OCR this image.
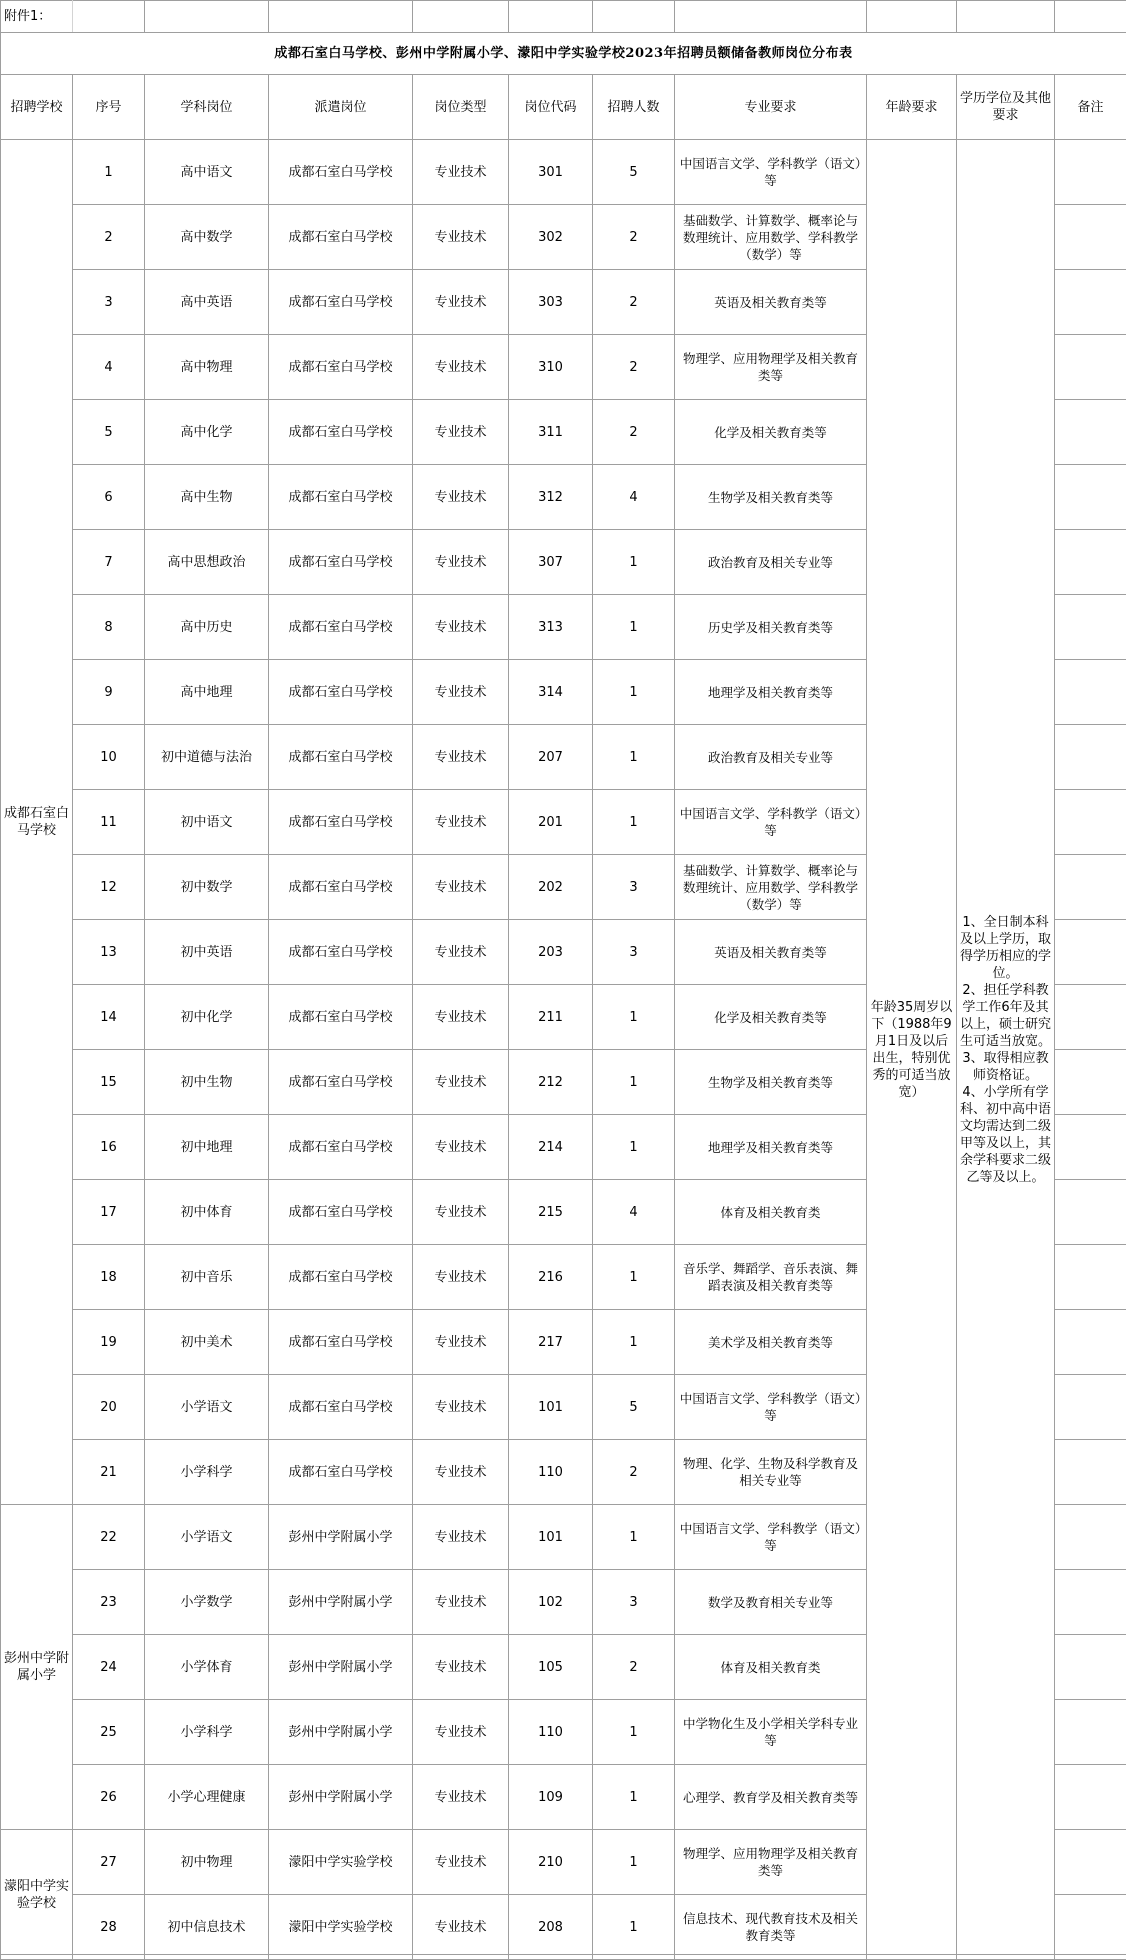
附件1：										
成都石室白马学校、彭州中学附属小学、濛阳中学实验学校2023年招聘员额储备教师岗位分布表										
招聘学校	序号	学科岗位	派遣岗位	岗位类型	岗位代码	招聘人数	专业要求	年龄要求	学历学位及其他要求	备注
成都石室白马学校	1	高中语文	成都石室白马学校	专业技术	301	5	中国语言文学、学科教学（语文）等	年龄35周岁以下（1988年9月1日及以后出生，特别优秀的可适当放宽）	1、全日制本科及以上学历，取得学历相应的学位。
2、担任学科教学工作6年及其以上，硕士研究生可适当放宽。
3、取得相应教师资格证。
4、小学所有学科、初中高中语文均需达到二级甲等及以上，其余学科要求二级乙等及以上。	
	2	高中数学	成都石室白马学校	专业技术	302	2	基础数学、计算数学、概率论与数理统计、应用数学、学科教学（数学）等			
	3	高中英语	成都石室白马学校	专业技术	303	2	英语及相关教育类等			
	4	高中物理	成都石室白马学校	专业技术	310	2	物理学、应用物理学及相关教育类等			
	5	高中化学	成都石室白马学校	专业技术	311	2	化学及相关教育类等			
	6	高中生物	成都石室白马学校	专业技术	312	4	生物学及相关教育类等			
	7	高中思想政治	成都石室白马学校	专业技术	307	1	政治教育及相关专业等			
	8	高中历史	成都石室白马学校	专业技术	313	1	历史学及相关教育类等			
	9	高中地理	成都石室白马学校	专业技术	314	1	地理学及相关教育类等			
	10	初中道德与法治	成都石室白马学校	专业技术	207	1	政治教育及相关专业等			
	11	初中语文	成都石室白马学校	专业技术	201	1	中国语言文学、学科教学（语文）等			
	12	初中数学	成都石室白马学校	专业技术	202	3	基础数学、计算数学、概率论与数理统计、应用数学、学科教学（数学）等			
	13	初中英语	成都石室白马学校	专业技术	203	3	英语及相关教育类等			
	14	初中化学	成都石室白马学校	专业技术	211	1	化学及相关教育类等			
	15	初中生物	成都石室白马学校	专业技术	212	1	生物学及相关教育类等			
	16	初中地理	成都石室白马学校	专业技术	214	1	地理学及相关教育类等			
	17	初中体育	成都石室白马学校	专业技术	215	4	体育及相关教育类			
	18	初中音乐	成都石室白马学校	专业技术	216	1	音乐学、舞蹈学、音乐表演、舞蹈表演及相关教育类等			
	19	初中美术	成都石室白马学校	专业技术	217	1	美术学及相关教育类等			
	20	小学语文	成都石室白马学校	专业技术	101	5	中国语言文学、学科教学（语文）等			
	21	小学科学	成都石室白马学校	专业技术	110	2	物理、化学、生物及科学教育及相关专业等			
彭州中学附属小学	22	小学语文	彭州中学附属小学	专业技术	101	1	中国语言文学、学科教学（语文）等			
	23	小学数学	彭州中学附属小学	专业技术	102	3	数学及教育相关专业等			
	24	小学体育	彭州中学附属小学	专业技术	105	2	体育及相关教育类			
	25	小学科学	彭州中学附属小学	专业技术	110	1	中学物化生及小学相关学科专业等			
	26	小学心理健康	彭州中学附属小学	专业技术	109	1	心理学、教育学及相关教育类等			
濛阳中学实验学校	27	初中物理	濛阳中学实验学校	专业技术	210	1	物理学、应用物理学及相关教育类等			
	28	初中信息技术	濛阳中学实验学校	专业技术	208	1	信息技术、现代教育技术及相关教育类等			
